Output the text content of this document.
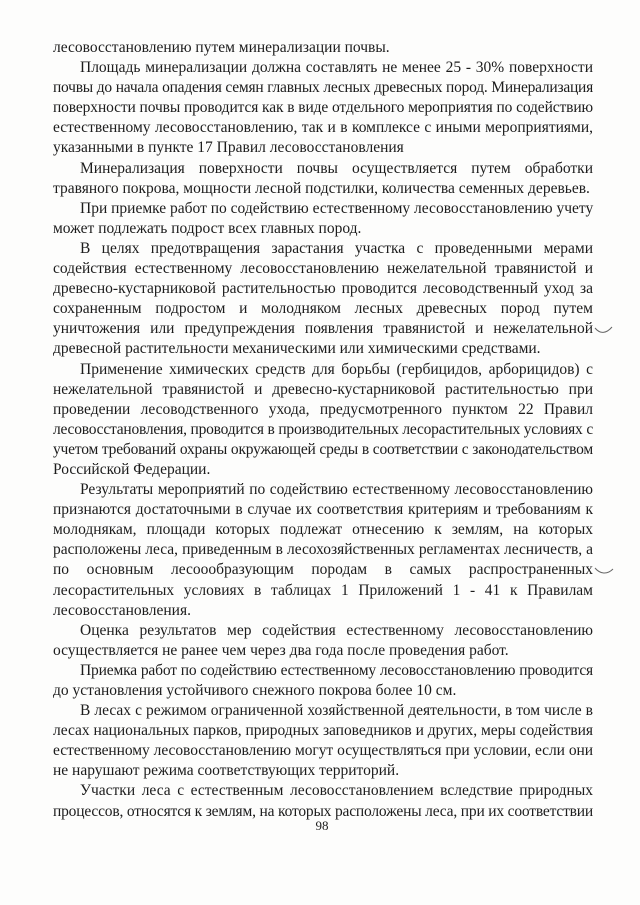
лесовосстановлению путем минерализации почвы.
Площадь минерализации должна составлять не менее 25 - 30% поверхности
почвы до начала опадения семян главных лесных древесных пород. Минерализация
поверхности почвы проводится как в виде отдельного мероприятия по содействию
естественному лесовосстановлению, так и в комплексе с иными мероприятиями,
указанными в пункте 17 Правил лесовосстановления
Минерализация поверхности почвы осуществляется путем обработки
травяного покрова, мощности лесной подстилки, количества семенных деревьев.
При приемке работ по содействию естественному лесовосстановлению учету
может подлежать подрост всех главных пород.
В целях предотвращения зарастания участка с проведенными мерами
содействия естественному лесовосстановлению нежелательной травянистой и
древесно-кустарниковой растительностью проводится лесоводственный уход за
сохраненным подростом и молодняком лесных древесных пород путем
уничтожения или предупреждения появления травянистой и нежелательной
древесной растительности механическими или химическими средствами.
Применение химических средств для борьбы (гербицидов, арборицидов) с
нежелательной травянистой и древесно-кустарниковой растительностью при
проведении лесоводственного ухода, предусмотренного пунктом 22 Правил
лесовосстановления, проводится в производительных лесорастительных условиях с
учетом требований охраны окружающей среды в соответствии с законодательством
Российской Федерации.
Результаты мероприятий по содействию естественному лесовосстановлению
признаются достаточными в случае их соответствия критериям и требованиям к
молоднякам, площади которых подлежат отнесению к землям, на которых
расположены леса, приведенным в лесохозяйственных регламентах лесничеств, а
по основным лесоообразующим породам в самых распространенных
лесорастительных условиях в таблицах 1 Приложений 1 - 41 к Правилам
лесовосстановления.
Оценка результатов мер содействия естественному лесовосстановлению
осуществляется не ранее чем через два года после проведения работ.
Приемка работ по содействию естественному лесовосстановлению проводится
до установления устойчивого снежного покрова более 10 см.
В лесах с режимом ограниченной хозяйственной деятельности, в том числе в
лесах национальных парков, природных заповедников и других, меры содействия
естественному лесовосстановлению могут осуществляться при условии, если они
не нарушают режима соответствующих территорий.
Участки леса с естественным лесовосстановлением вследствие природных
процессов, относятся к землям, на которых расположены леса, при их соответствии
98
